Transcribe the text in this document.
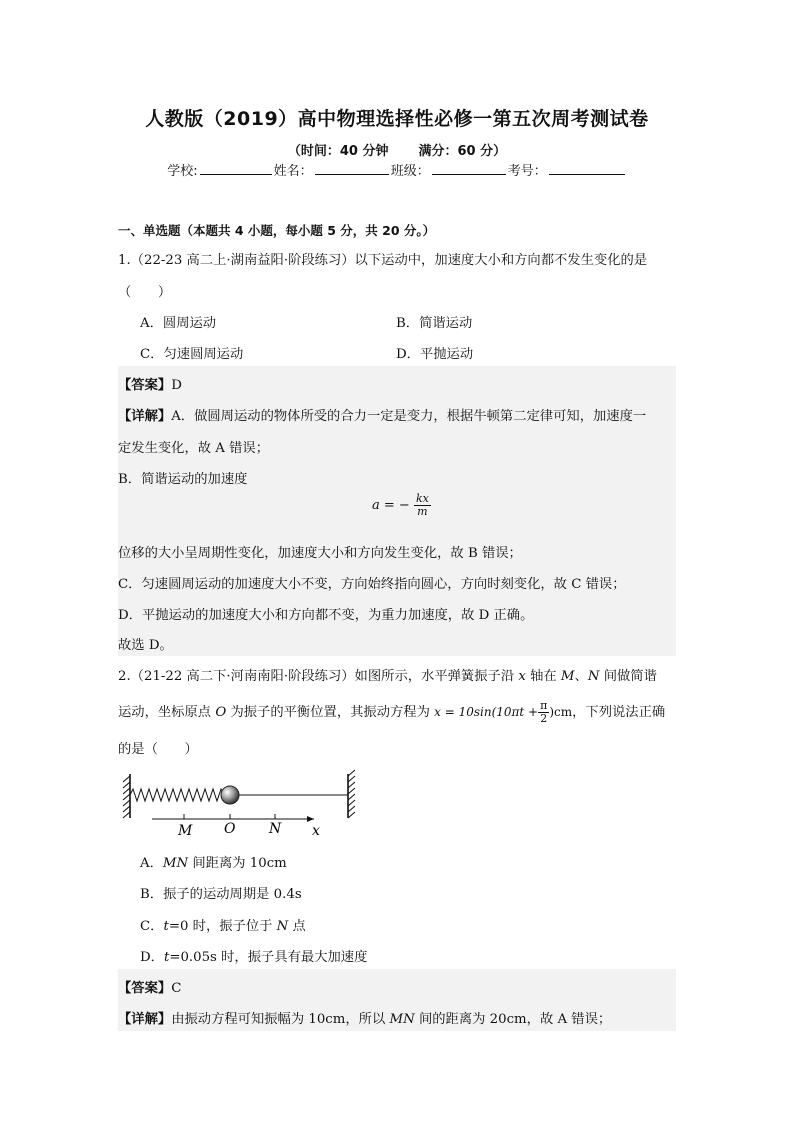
人教版（2019）高中物理选择性必修一第五次周考测试卷
（时间：40 分钟 满分：60 分）
学校:	姓名：	班级：	考号：
一、单选题（本题共 4 小题，每小题 5 分，共 20 分。）
1.（22-23 高二上·湖南益阳·阶段练习）以下运动中，加速度大小和方向都不发生变化的是
（　　）
A．圆周运动	B．简谐运动
C．匀速圆周运动	D．平抛运动
【答案】D
【详解】A．做圆周运动的物体所受的合力一定是变力，根据牛顿第二定律可知，加速度一
定发生变化，故 A 错误；
B．简谐运动的加速度
a = − $\frac{kx}{m}$
位移的大小呈周期性变化，加速度大小和方向发生变化，故 B 错误；
C．匀速圆周运动的加速度大小不变，方向始终指向圆心，方向时刻变化，故 C 错误；
D．平抛运动的加速度大小和方向都不变，为重力加速度，故 D 正确。
故选 D。
2.（21-22 高二下·河南南阳·阶段练习）如图所示，水平弹簧振子沿 x 轴在 M、N 间做简谐
运动，坐标原点 O 为振子的平衡位置，其振动方程为 $x = 10\sin(10\pi t + \frac{\pi}{2} )cm$，下列说法正确
的是（　　）
M O N x
A．MN 间距离为 10cm
B．振子的运动周期是 0.4s
C．t=0 时，振子位于 N 点
D．t=0.05s 时，振子具有最大加速度
【答案】C
【详解】由振动方程可知振幅为 10cm，所以 MN 间的距离为 20cm，故 A 错误；
